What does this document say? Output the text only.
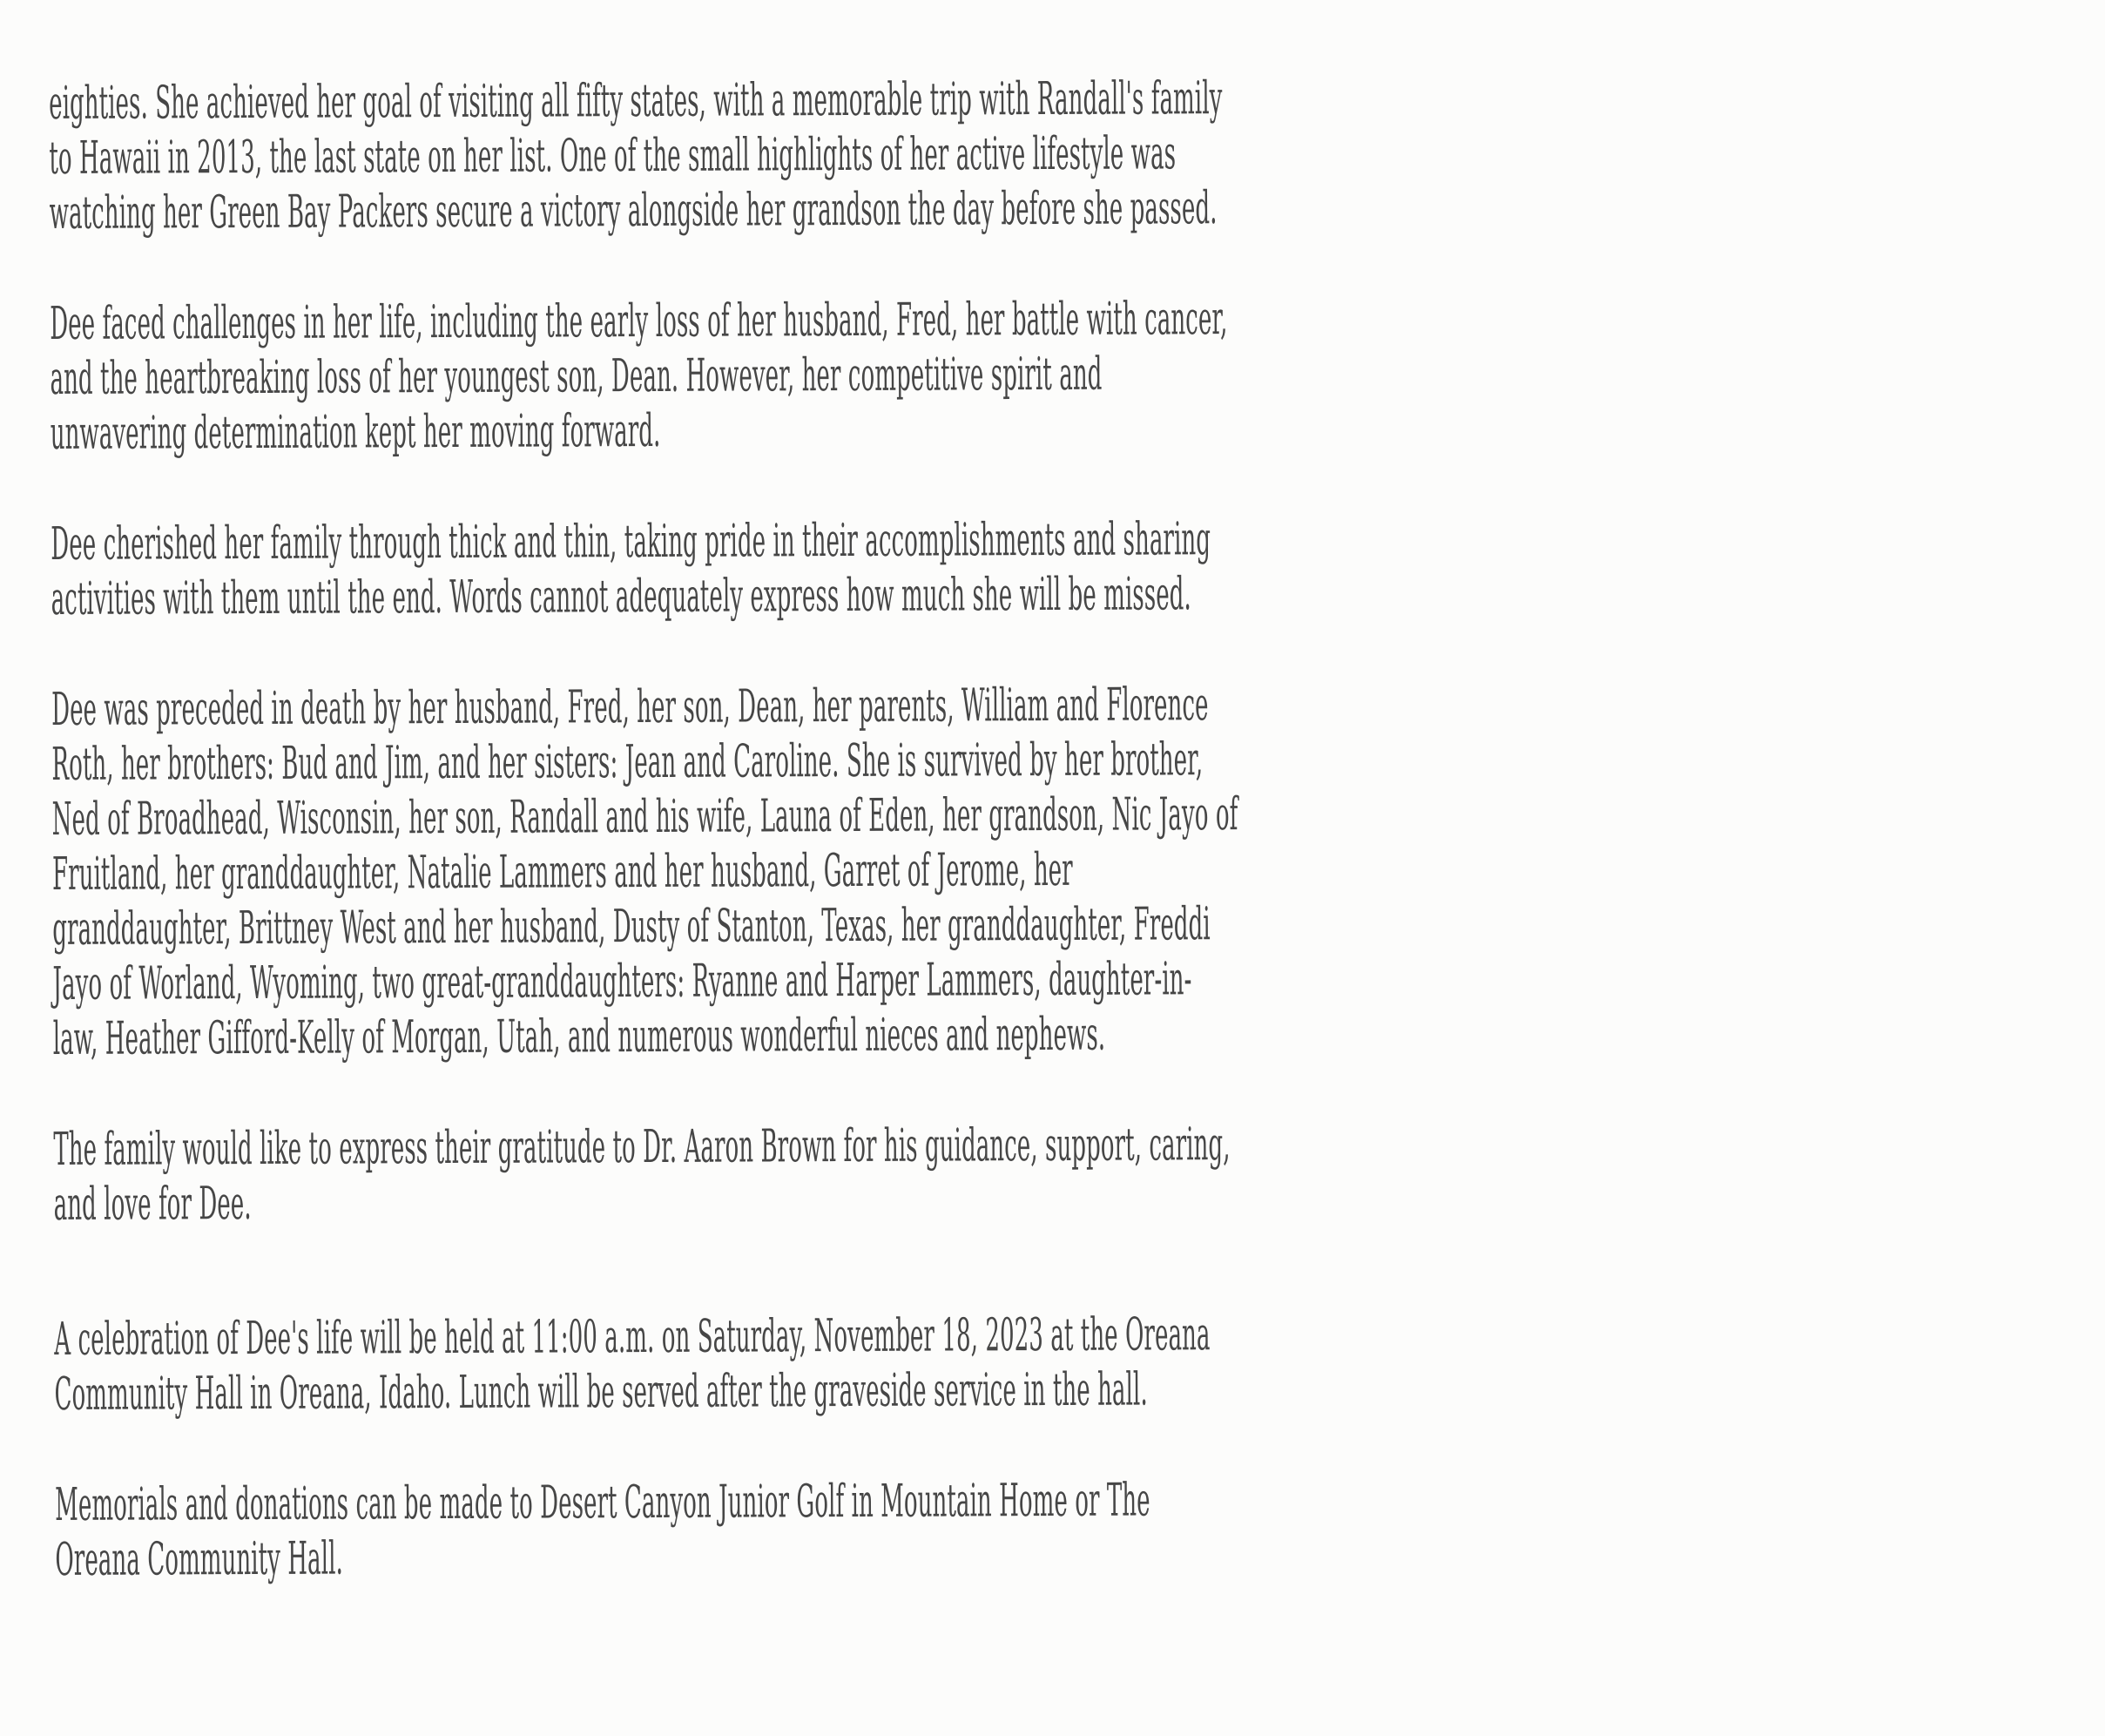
eighties. She achieved her goal of visiting all fifty states, with a memorable trip with Randall's family
to Hawaii in 2013, the last state on her list. One of the small highlights of her active lifestyle was
watching her Green Bay Packers secure a victory alongside her grandson the day before she passed.

Dee faced challenges in her life, including the early loss of her husband, Fred, her battle with cancer,
and the heartbreaking loss of her youngest son, Dean. However, her competitive spirit and
unwavering determination kept her moving forward.

Dee cherished her family through thick and thin, taking pride in their accomplishments and sharing
activities with them until the end. Words cannot adequately express how much she will be missed.

Dee was preceded in death by her husband, Fred, her son, Dean, her parents, William and Florence
Roth, her brothers: Bud and Jim, and her sisters: Jean and Caroline. She is survived by her brother,
Ned of Broadhead, Wisconsin, her son, Randall and his wife, Launa of Eden, her grandson, Nic Jayo of
Fruitland, her granddaughter, Natalie Lammers and her husband, Garret of Jerome, her
granddaughter, Brittney West and her husband, Dusty of Stanton, Texas, her granddaughter, Freddi
Jayo of Worland, Wyoming, two great-granddaughters: Ryanne and Harper Lammers, daughter-in-
law, Heather Gifford-Kelly of Morgan, Utah, and numerous wonderful nieces and nephews.

The family would like to express their gratitude to Dr. Aaron Brown for his guidance, support, caring,
and love for Dee.

A celebration of Dee's life will be held at 11:00 a.m. on Saturday, November 18, 2023 at the Oreana
Community Hall in Oreana, Idaho. Lunch will be served after the graveside service in the hall.

Memorials and donations can be made to Desert Canyon Junior Golf in Mountain Home or The
Oreana Community Hall.
